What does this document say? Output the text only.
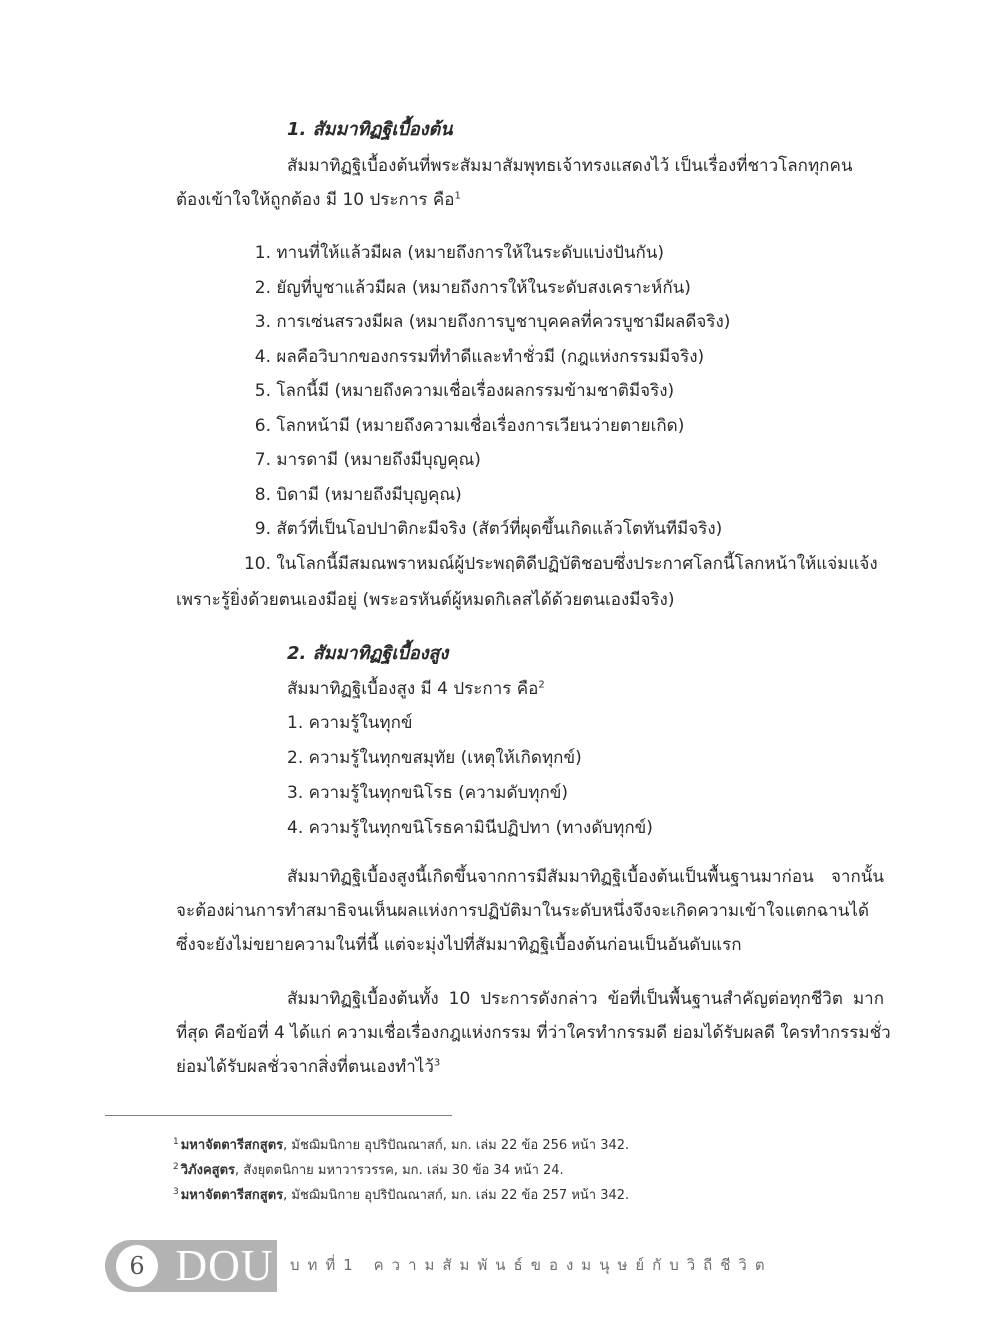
1. สัมมาทิฏฐิเบื้องต้น

สัมมาทิฏฐิเบื้องต้นที่พระสัมมาสัมพุทธเจ้าทรงแสดงไว้ เป็นเรื่องที่ชาวโลกทุกคน

ต้องเข้าใจให้ถูกต้อง มี 10 ประการ คือ$^1$

1. ทานที่ให้แล้วมีผล (หมายถึงการให้ในระดับแบ่งปันกัน)
2. ยัญที่บูชาแล้วมีผล (หมายถึงการให้ในระดับสงเคราะห์กัน)
3. การเซ่นสรวงมีผล (หมายถึงการบูชาบุคคลที่ควรบูชามีผลดีจริง)
4. ผลคือวิบากของกรรมที่ทำดีและทำชั่วมี (กฎแห่งกรรมมีจริง)
5. โลกนี้มี (หมายถึงความเชื่อเรื่องผลกรรมข้ามชาติมีจริง)
6. โลกหน้ามี (หมายถึงความเชื่อเรื่องการเวียนว่ายตายเกิด)
7. มารดามี (หมายถึงมีบุญคุณ)
8. บิดามี (หมายถึงมีบุญคุณ)
9. สัตว์ที่เป็นโอปปาติกะมีจริง (สัตว์ที่ผุดขึ้นเกิดแล้วโตทันทีมีจริง)
10. ในโลกนี้มีสมณพราหมณ์ผู้ประพฤติดีปฏิบัติชอบซึ่งประกาศโลกนี้โลกหน้าให้แจ่มแจ้ง

เพราะรู้ยิ่งด้วยตนเองมีอยู่ (พระอรหันต์ผู้หมดกิเลสได้ด้วยตนเองมีจริง)

2. สัมมาทิฏฐิเบื้องสูง

สัมมาทิฏฐิเบื้องสูง มี 4 ประการ คือ$^2$

1. ความรู้ในทุกข์
2. ความรู้ในทุกขสมุทัย (เหตุให้เกิดทุกข์)
3. ความรู้ในทุกขนิโรธ (ความดับทุกข์)
4. ความรู้ในทุกขนิโรธคามินีปฏิปทา (ทางดับทุกข์)

สัมมาทิฏฐิเบื้องสูงนี้เกิดขึ้นจากการมีสัมมาทิฏฐิเบื้องต้นเป็นพื้นฐานมาก่อน จากนั้น

จะต้องผ่านการทำสมาธิจนเห็นผลแห่งการปฏิบัติมาในระดับหนึ่งจึงจะเกิดความเข้าใจแตกฉานได้

ซึ่งจะยังไม่ขยายความในที่นี้ แต่จะมุ่งไปที่สัมมาทิฏฐิเบื้องต้นก่อนเป็นอันดับแรก

สัมมาทิฏฐิเบื้องต้นทั้ง 10 ประการดังกล่าว ข้อที่เป็นพื้นฐานสำคัญต่อทุกชีวิต มาก

ที่สุด คือข้อที่ 4 ได้แก่ ความเชื่อเรื่องกฎแห่งกรรม ที่ว่าใครทำกรรมดี ย่อมได้รับผลดี ใครทำกรรมชั่ว

ย่อมได้รับผลชั่วจากสิ่งที่ตนเองทำไว้$^3$

$^1$ มหาจัตตารีสกสูตร, มัชฌิมนิกาย อุปริปัณณาสก์, มก. เล่ม 22 ข้อ 256 หน้า 342.

$^2$ วิภังคสูตร, สังยุตตนิกาย มหาวารวรรค, มก. เล่ม 30 ข้อ 34 หน้า 24.

$^3$ มหาจัตตารีสกสูตร, มัชฌิมนิกาย อุปริปัณณาสก์, มก. เล่ม 22 ข้อ 257 หน้า 342.

6 DOU บทที่1 ความสัมพันธ์ของมนุษย์กับวิถีชีวิต
